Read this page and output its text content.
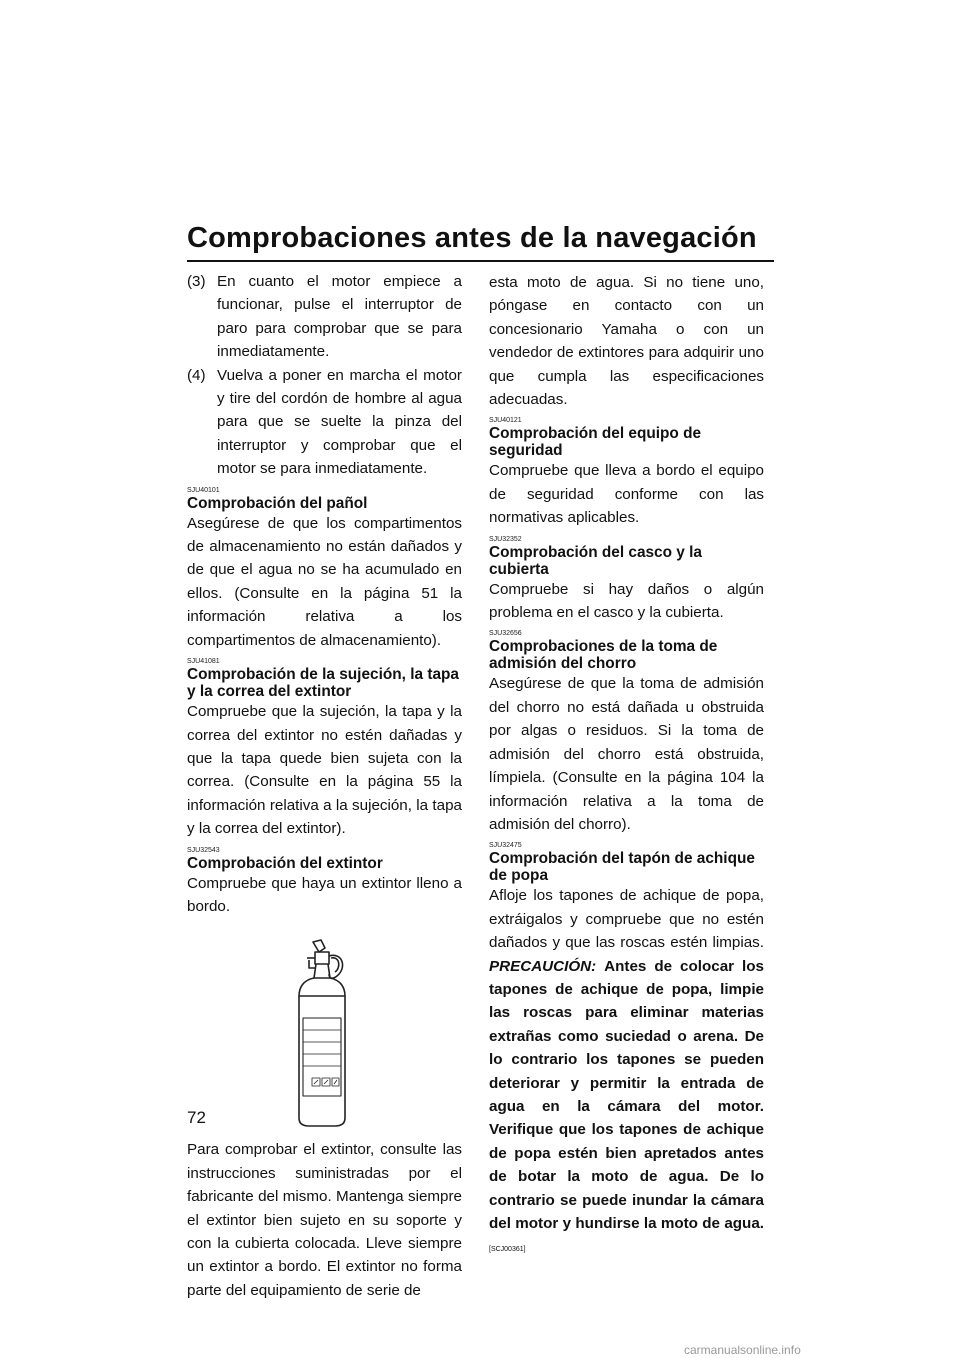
Comprobaciones antes de la navegación
(3) En cuanto el motor empiece a funcionar, pulse el interruptor de paro para comprobar que se para inmediatamente.
(4) Vuelva a poner en marcha el motor y tire del cordón de hombre al agua para que se suelte la pinza del interruptor y comprobar que el motor se para inmediatamente.
SJU40101
Comprobación del pañol

Asegúrese de que los compartimentos de almacenamiento no están dañados y de que el agua no se ha acumulado en ellos. (Consulte en la página 51 la información relativa a los compartimentos de almacenamiento).

SJU41081
Comprobación de la sujeción, la tapa y la correa del extintor

Compruebe que la sujeción, la tapa y la correa del extintor no estén dañadas y que la tapa quede bien sujeta con la correa. (Consulte en la página 55 la información relativa a la sujeción, la tapa y la correa del extintor).

SJU32543
Comprobación del extintor

Compruebe que haya un extintor lleno a bordo.

Para comprobar el extintor, consulte las instrucciones suministradas por el fabricante del mismo. Mantenga siempre el extintor bien sujeto en su soporte y con la cubierta colocada. Lleve siempre un extintor a bordo. El extintor no forma parte del equipamiento de serie de

esta moto de agua. Si no tiene uno, póngase en contacto con un concesionario Yamaha o con un vendedor de extintores para adquirir uno que cumpla las especificaciones adecuadas.

SJU40121
Comprobación del equipo de seguridad

Compruebe que lleva a bordo el equipo de seguridad conforme con las normativas aplicables.

SJU32352
Comprobación del casco y la cubierta

Compruebe si hay daños o algún problema en el casco y la cubierta.

SJU32656
Comprobaciones de la toma de admisión del chorro

Asegúrese de que la toma de admisión del chorro no está dañada u obstruida por algas o residuos. Si la toma de admisión del chorro está obstruida, límpiela. (Consulte en la página 104 la información relativa a la toma de admisión del chorro).

SJU32475
Comprobación del tapón de achique de popa

Afloje los tapones de achique de popa, extráigalos y compruebe que no estén dañados y que las roscas estén limpias. PRECAUCIÓN: Antes de colocar los tapones de achique de popa, limpie las roscas para eliminar materias extrañas como suciedad o arena. De lo contrario los tapones se pueden deteriorar y permitir la entrada de agua en la cámara del motor. Verifique que los tapones de achique de popa estén bien apretados antes de botar la moto de agua. De lo contrario se puede inundar la cámara del motor y hundirse la moto de agua. [SCJ00361]

72
carmanualsonline.info
